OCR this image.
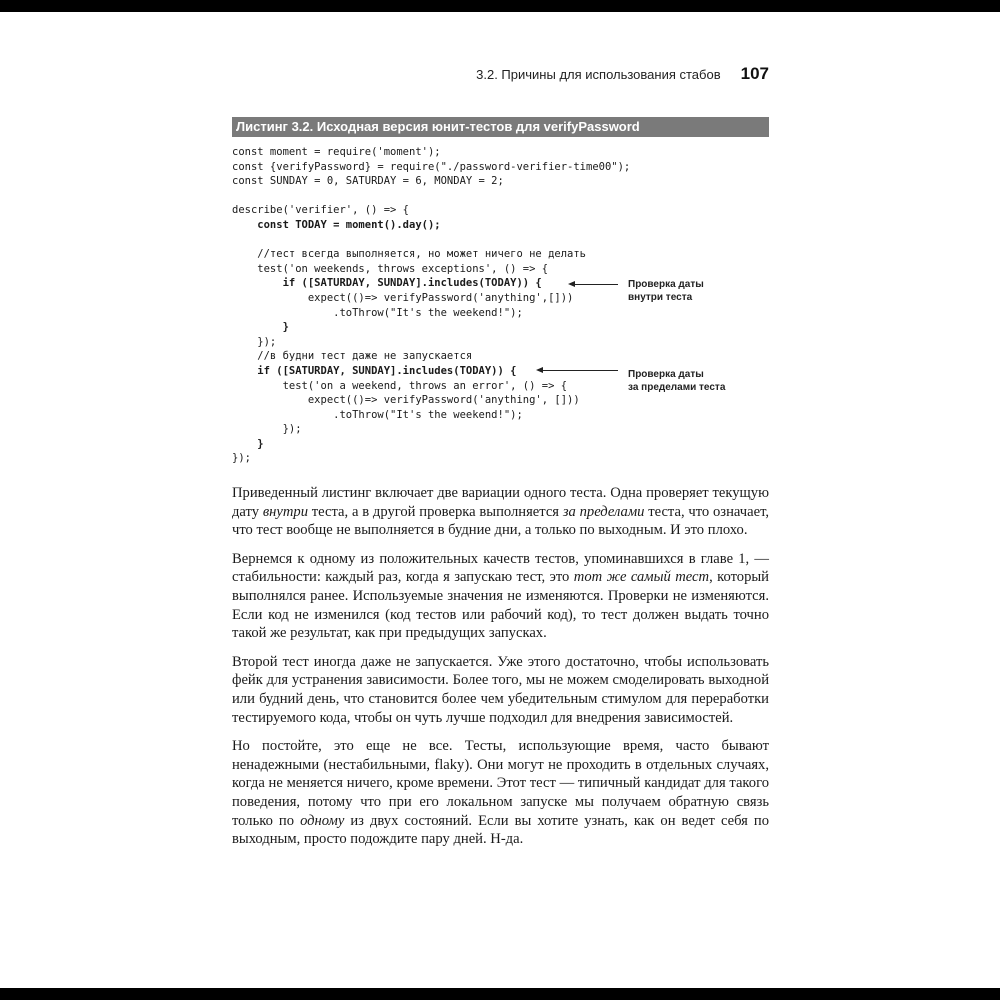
3.2. Причины для использования стабов 107
Листинг 3.2. Исходная версия юнит-тестов для verifyPassword
const moment = require('moment');
const {verifyPassword} = require("./password-verifier-time00");
const SUNDAY = 0, SATURDAY = 6, MONDAY = 2;
describe('verifier', () => {
const TODAY = moment().day();
//тест всегда выполняется, но может ничего не делать
test('on weekends, throws exceptions', () => {
if ([SATURDAY, SUNDAY].includes(TODAY)) {
expect(()=> verifyPassword('anything',[]))
.toThrow("It's the weekend!");
}
});
//в будни тест даже не запускается
if ([SATURDAY, SUNDAY].includes(TODAY)) {
test('on a weekend, throws an error', () => {
expect(()=> verifyPassword('anything', []))
.toThrow("It's the weekend!");
});
}
});
Проверка даты
внутри теста
Проверка даты
за пределами теста

Приведенный листинг включает две вариации одного теста. Одна проверяет текущую дату внутри теста, а в другой проверка выполняется за пределами теста, что означает, что тест вообще не выполняется в будние дни, а только по выходным. И это плохо.

Вернемся к одному из положительных качеств тестов, упоминавшихся в главе 1, — стабильности: каждый раз, когда я запускаю тест, это тот же самый тест, который выполнялся ранее. Используемые значения не изменяются. Проверки не изменяются. Если код не изменился (код тестов или рабочий код), то тест должен выдать точно такой же результат, как при предыдущих запусках.

Второй тест иногда даже не запускается. Уже этого достаточно, чтобы использовать фейк для устранения зависимости. Более того, мы не можем смоделировать выходной или будний день, что становится более чем убедительным стимулом для переработки тестируемого кода, чтобы он чуть лучше подходил для внедрения зависимостей.

Но постойте, это еще не все. Тесты, использующие время, часто бывают ненадежными (нестабильными, flaky). Они могут не проходить в отдельных случаях, когда не меняется ничего, кроме времени. Этот тест — типичный кандидат для такого поведения, потому что при его локальном запуске мы получаем обратную связь только по одному из двух состояний. Если вы хотите узнать, как он ведет себя по выходным, просто подождите пару дней. Н-да.
